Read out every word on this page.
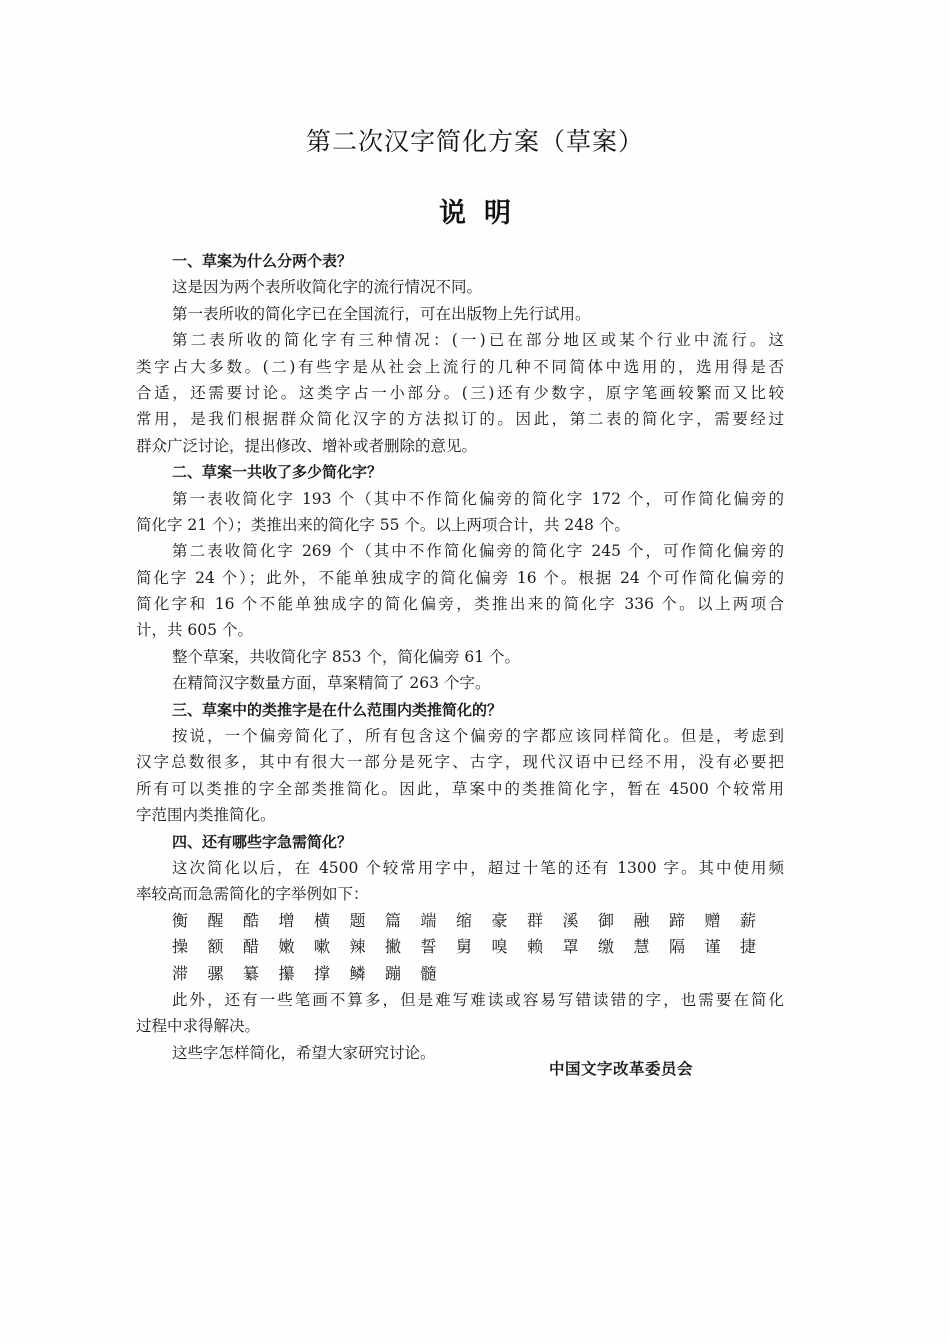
第二次汉字简化方案（草案）
说明
一、草案为什么分两个表？
这是因为两个表所收简化字的流行情况不同。
第一表所收的简化字已在全国流行，可在出版物上先行试用。
第二表所收的简化字有三种情况：(一)已在部分地区或某个行业中流行。这
类字占大多数。(二)有些字是从社会上流行的几种不同简体中选用的，选用得是否
合适，还需要讨论。这类字占一小部分。(三)还有少数字，原字笔画较繁而又比较
常用，是我们根据群众简化汉字的方法拟订的。因此，第二表的简化字，需要经过
群众广泛讨论，提出修改、增补或者删除的意见。
二、草案一共收了多少简化字？
第一表收简化字 193 个（其中不作简化偏旁的简化字 172 个，可作简化偏旁的
简化字 21 个）；类推出来的简化字 55 个。以上两项合计，共 248 个。
第二表收简化字 269 个（其中不作简化偏旁的简化字 245 个，可作简化偏旁的
简化字 24 个）；此外，不能单独成字的简化偏旁 16 个。根据 24 个可作简化偏旁的
简化字和 16 个不能单独成字的简化偏旁，类推出来的简化字 336 个。以上两项合
计，共 605 个。
整个草案，共收简化字 853 个，简化偏旁 61 个。
在精简汉字数量方面，草案精简了 263 个字。
三、草案中的类推字是在什么范围内类推简化的？
按说，一个偏旁简化了，所有包含这个偏旁的字都应该同样简化。但是，考虑到
汉字总数很多，其中有很大一部分是死字、古字，现代汉语中已经不用，没有必要把
所有可以类推的字全部类推简化。因此，草案中的类推简化字，暂在 4500 个较常用
字范围内类推简化。
四、还有哪些字急需简化？
这次简化以后，在 4500 个较常用字中，超过十笔的还有 1300 字。其中使用频
率较高而急需简化的字举例如下：
衡 醒 酷 增 横 题 篇 端 缩 豪 群 溪 御 融 蹄 赠 薪
操 额 醋 嫩 嗽 辣 撇 誓 舅 嗅 赖 罩 缴 慧 隔 谨 捷
滞 骡 纂 攥 撑 鳞 蹦 髓
此外，还有一些笔画不算多，但是难写难读或容易写错读错的字，也需要在简化
过程中求得解决。
这些字怎样简化，希望大家研究讨论。
中国文字改革委员会
